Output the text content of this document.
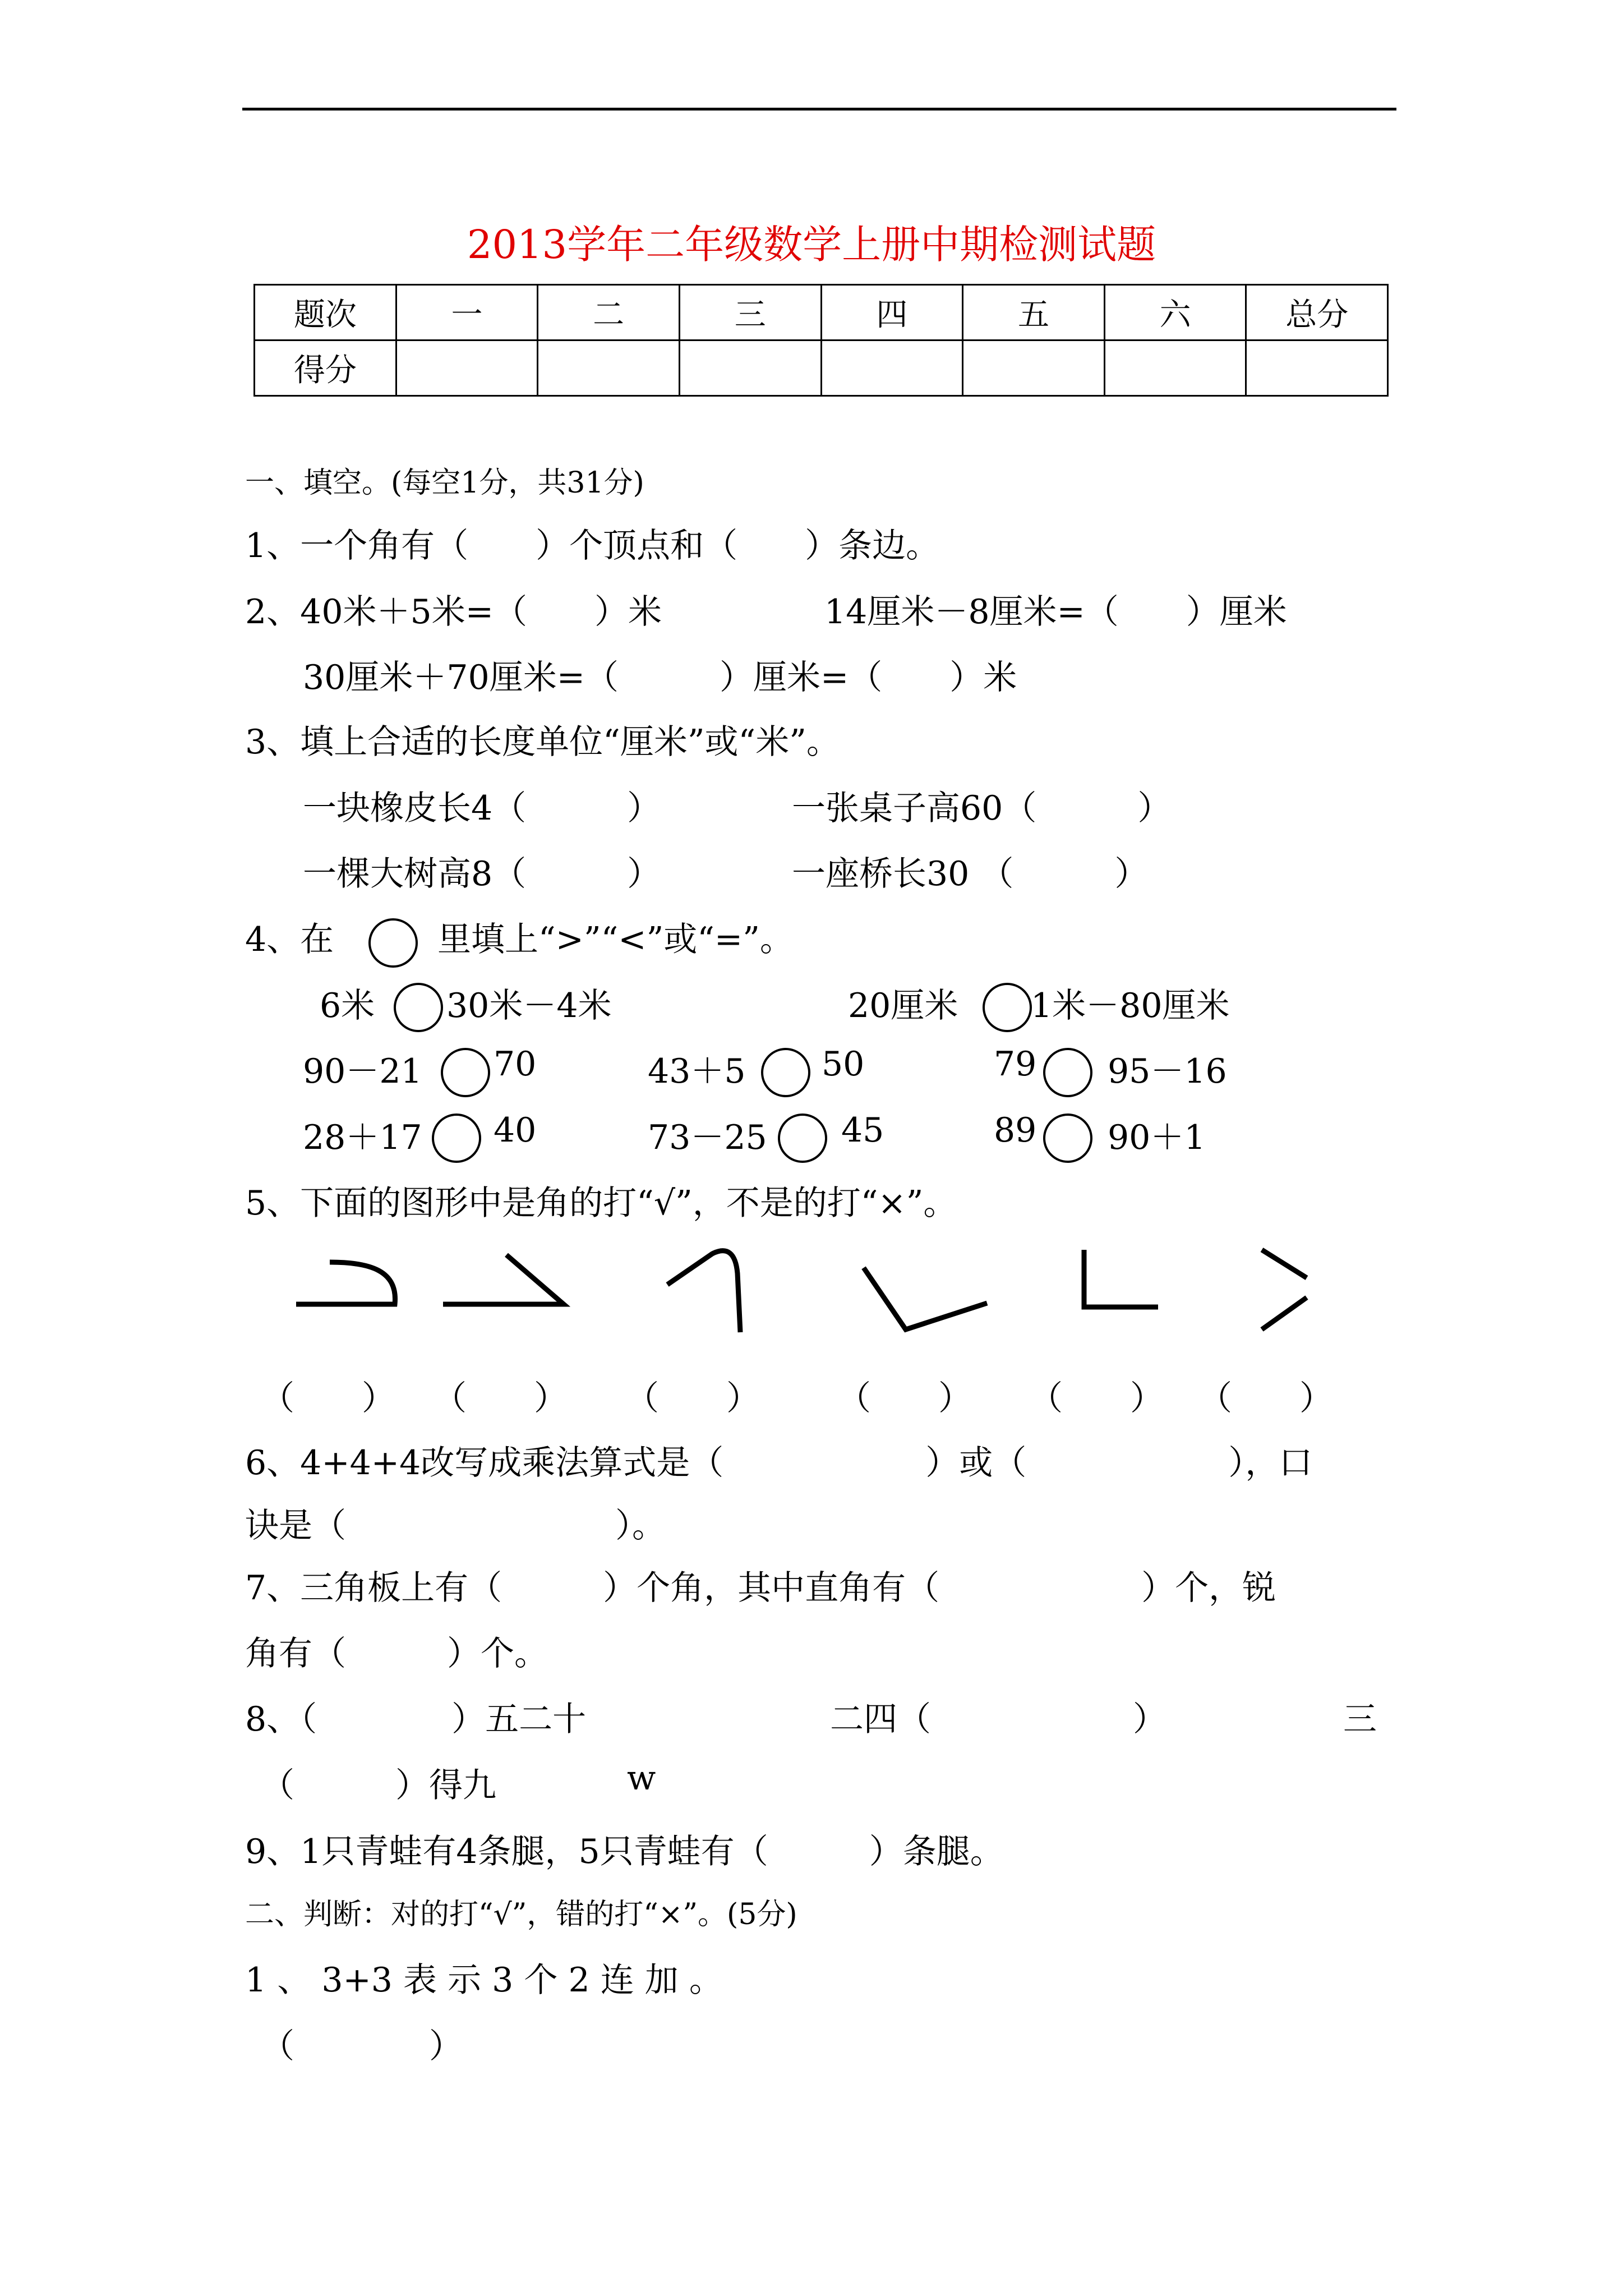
2013学年二年级数学上册中期检测试题
题次	一	二	三	四	五	六	总分
得分							
一、填空。(每空1分，共31分)
1、一个角有（　　）个顶点和（　　）条边。
2、40米＋5米=（　　）米	14厘米－8厘米=（　　）厘米
30厘米＋70厘米=（　　　）厘米=（　　）米
3、填上合适的长度单位“厘米”或“米”。
一块橡皮长4（　　　）	一张桌子高60（　　　）
一棵大树高8（　　　）	一座桥长30 （　　　）
4、在	里填上“>”“<”或“=”。
6米 30米－4米	20厘米 1米－80厘米
90－21 70	43＋5 50	79 95－16
28＋17 40	73－25 45	89 90＋1
5、下面的图形中是角的打“√”，不是的打“×”。
（　　） （　　） （　　） （　　） （　　） （　　）
6、4+4+4改写成乘法算式是（　　　　　　）或（　　　　　　），口
诀是（　　　　　　　　）。
7、三角板上有（　　　）个角，其中直角有（　　　　　　）个，锐
角有（　　　）个。
8、（　　　　）五二十	二四（　　　　　　）	三
（　　　）得九	w
9、1只青蛙有4条腿，5只青蛙有（　　　）条腿。
二、判断：对的打“√”，错的打“×”。(5分)
1 、 3+3 表 示 3 个 2 连 加 。
（　　　　）
